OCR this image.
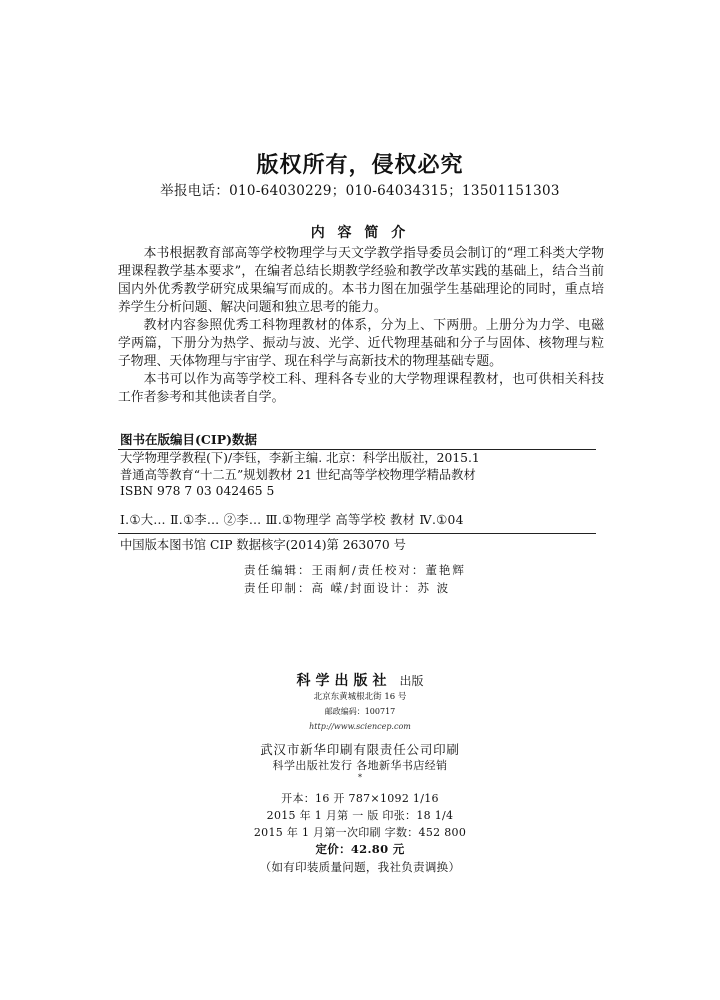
版权所有，侵权必究
举报电话：010-64030229；010-64034315；13501151303
内 容 简 介

本书根据教育部高等学校物理学与天文学教学指导委员会制订的“理工科类大学物理课程教学基本要求”，在编者总结长期教学经验和教学改革实践的基础上，结合当前国内外优秀教学研究成果编写而成的。本书力图在加强学生基础理论的同时，重点培养学生分析问题、解决问题和独立思考的能力。

教材内容参照优秀工科物理教材的体系，分为上、下两册。上册分为力学、电磁学两篇，下册分为热学、振动与波、光学、近代物理基础和分子与固体、核物理与粒子物理、天体物理与宇宙学、现在科学与高新技术的物理基础专题。

本书可以作为高等学校工科、理科各专业的大学物理课程教材，也可供相关科技工作者参考和其他读者自学。

图书在版编目(CIP)数据
大学物理学教程(下)/李钰，李新主编. 北京：科学出版社，2015.1
普通高等教育“十二五”规划教材 21 世纪高等学校物理学精品教材
ISBN 978 7 03 042465 5
Ⅰ.①大… Ⅱ.①李… ②李… Ⅲ.①物理学 高等学校 教材 Ⅳ.①04
中国版本图书馆 CIP 数据核字(2014)第 263070 号
责任编辑：王雨舸/责任校对：董艳辉
责任印制：高 嵘/封面设计：苏 波
科学出版社 出版
北京东黄城根北街 16 号
邮政编码：100717
http://www.sciencep.com
武汉市新华印刷有限责任公司印刷
科学出版社发行 各地新华书店经销
*
开本：16 开 787×1092 1/16
2015 年 1 月第 一 版 印张：18 1/4
2015 年 1 月第一次印刷 字数：452 800
定价：42.80 元
（如有印装质量问题，我社负责调换）
